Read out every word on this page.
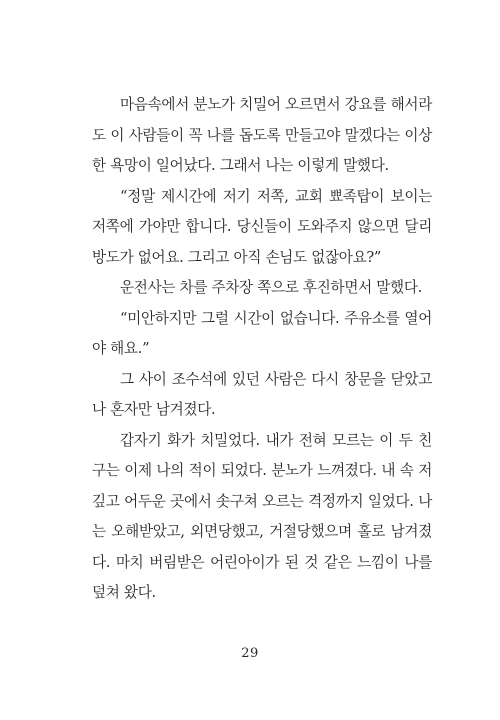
마음속에서 분노가 치밀어 오르면서 강요를 해서라도 이 사람들이 꼭 나를 돕도록 만들고야 말겠다는 이상한 욕망이 일어났다. 그래서 나는 이렇게 말했다.

“정말 제시간에 저기 저쪽, 교회 뾰족탑이 보이는 저쪽에 가야만 합니다. 당신들이 도와주지 않으면 달리 방도가 없어요. 그리고 아직 손님도 없잖아요?”

운전사는 차를 주차장 쪽으로 후진하면서 말했다.

“미안하지만 그럴 시간이 없습니다. 주유소를 열어야 해요.”

그 사이 조수석에 있던 사람은 다시 창문을 닫았고 나 혼자만 남겨졌다.

갑자기 화가 치밀었다. 내가 전혀 모르는 이 두 친구는 이제 나의 적이 되었다. 분노가 느껴졌다. 내 속 저 깊고 어두운 곳에서 솟구쳐 오르는 격정까지 일었다. 나는 오해받았고, 외면당했고, 거절당했으며 홀로 남겨졌다. 마치 버림받은 어린아이가 된 것 같은 느낌이 나를 덮쳐 왔다.

29
